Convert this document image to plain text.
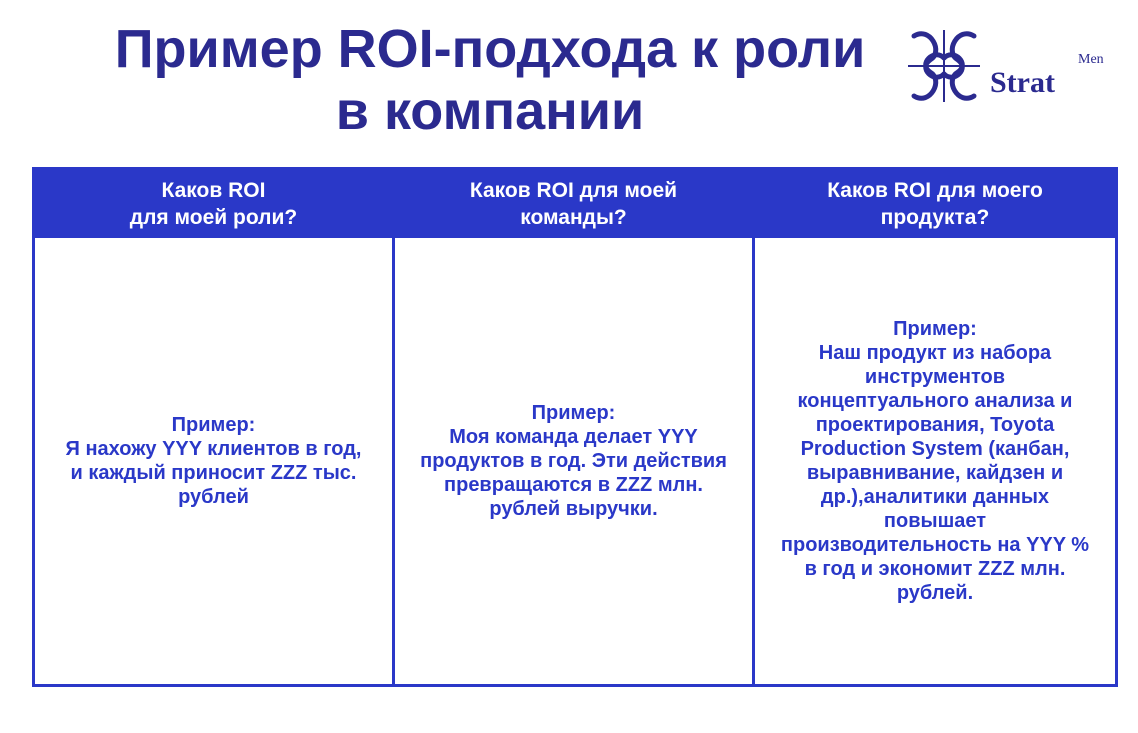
Пример ROI-подхода к роли
в компании	Strat
Men
Каков ROI
для моей роли?
Каков ROI для моей
команды?
Каков ROI для моего
продукта?
Пример:
Я нахожу YYY клиентов в год,
и каждый приносит ZZZ тыс.
рублей
Пример:
Моя команда делает YYY
продуктов в год. Эти действия
превращаются в ZZZ млн.
рублей выручки.
Пример:
Наш продукт из набора
инструментов
концептуального анализа и
проектирования, Toyota
Production System (канбан,
выравнивание, кайдзен и
др.),аналитики данных
повышает
производительность на YYY %
в год и экономит ZZZ млн.
рублей.
